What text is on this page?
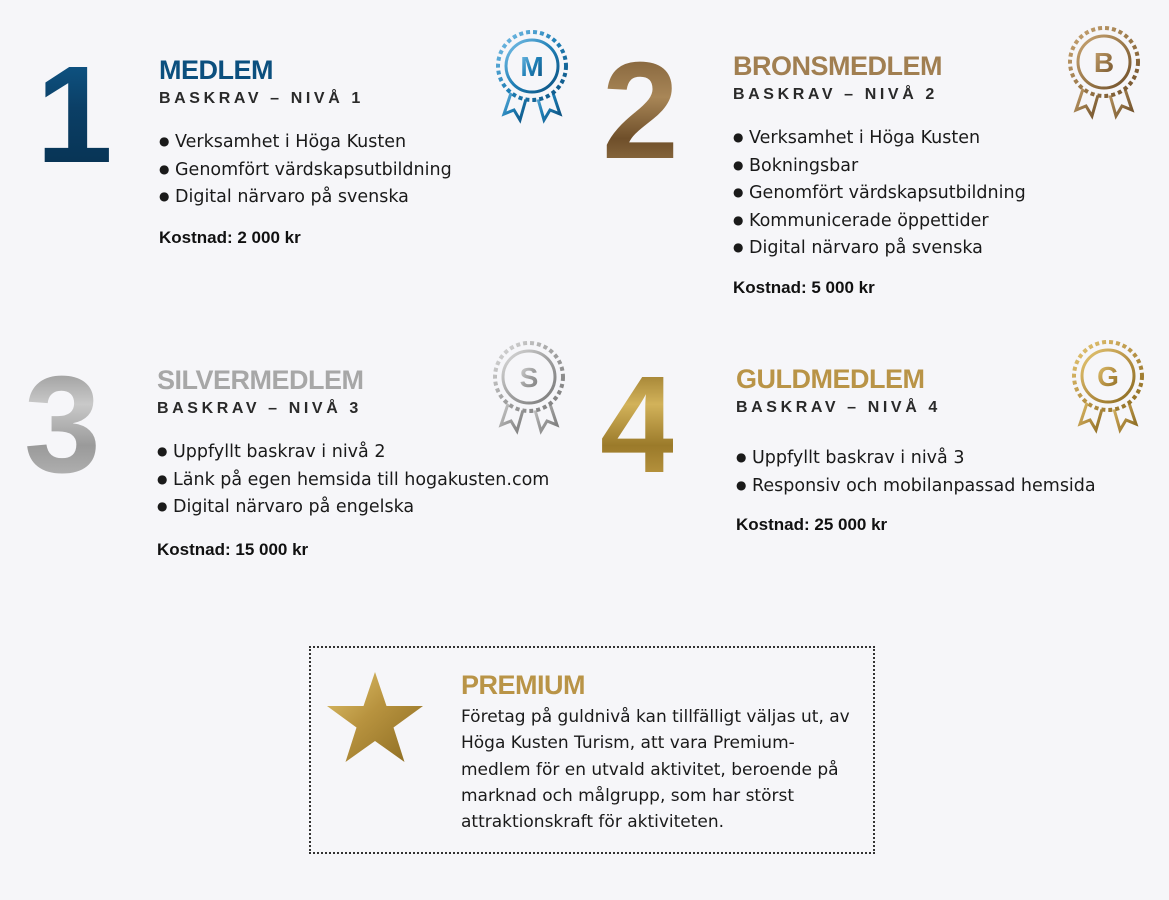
1 MEDLEM
BASKRAV – NIVÅ 1
M
● Verksamhet i Höga Kusten
● Genomfört värdskapsutbildning
● Digital närvaro på svenska
Kostnad: 2 000 kr
2 BRONSMEDLEM
BASKRAV – NIVÅ 2
B
● Verksamhet i Höga Kusten
● Bokningsbar
● Genomfört värdskapsutbildning
● Kommunicerade öppettider
● Digital närvaro på svenska
Kostnad: 5 000 kr
3 SILVERMEDLEM
BASKRAV – NIVÅ 3
S
● Uppfyllt baskrav i nivå 2
● Länk på egen hemsida till hogakusten.com
● Digital närvaro på engelska
Kostnad: 15 000 kr
4 GULDMEDLEM
BASKRAV – NIVÅ 4
G
● Uppfyllt baskrav i nivå 3
● Responsiv och mobilanpassad hemsida
Kostnad: 25 000 kr
PREMIUM
Företag på guldnivå kan tillfälligt väljas ut, av Höga Kusten Turism, att vara Premium-medlem för en utvald aktivitet, beroende på marknad och målgrupp, som har störst attraktionskraft för aktiviteten.
